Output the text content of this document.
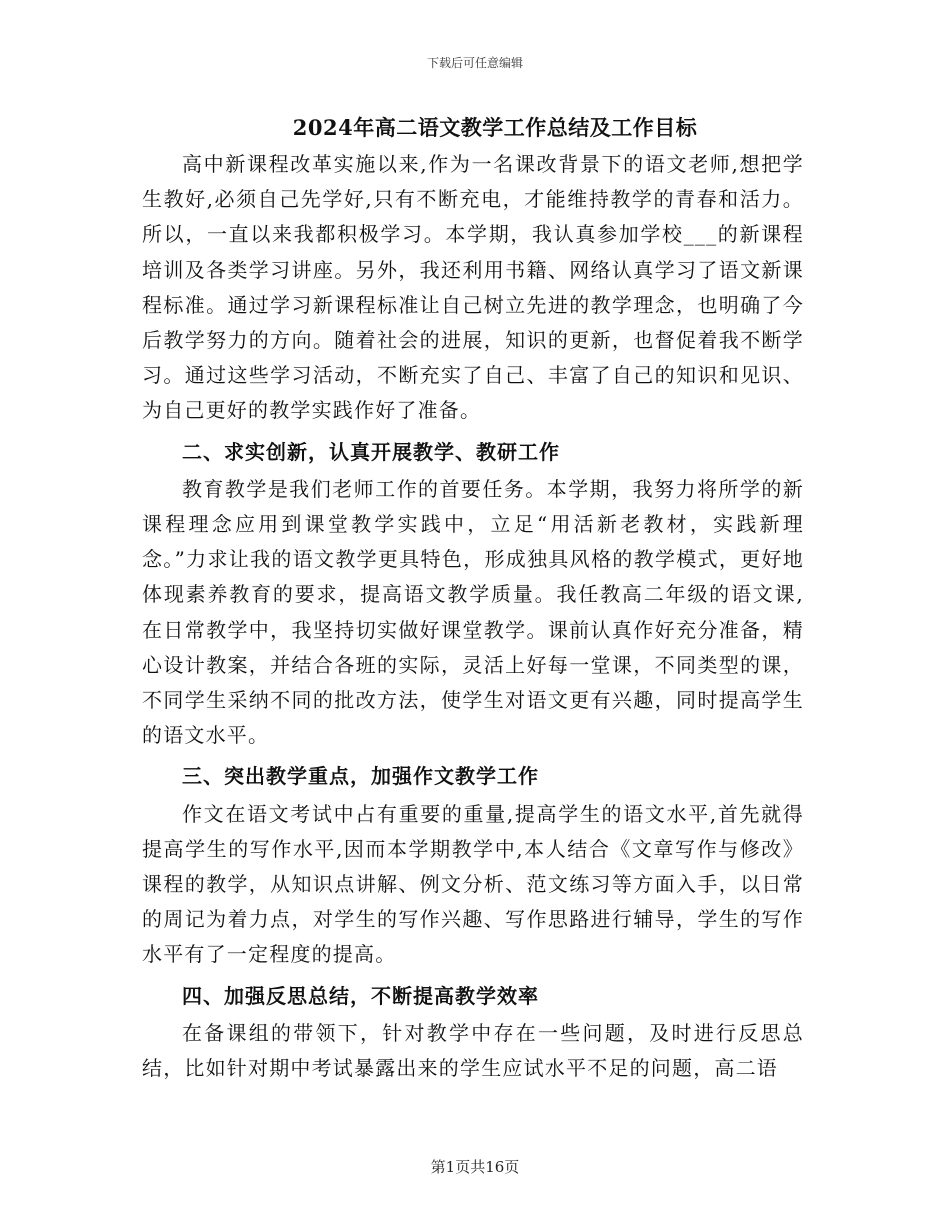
下载后可任意编辑
2024年高二语文教学工作总结及工作目标

高中新课程改革实施以来,作为一名课改背景下的语文老师,想把学生教好,必须自己先学好,只有不断充电，才能维持教学的青春和活力。所以，一直以来我都积极学习。本学期，我认真参加学校___的新课程培训及各类学习讲座。另外，我还利用书籍、网络认真学习了语文新课程标准。通过学习新课程标准让自己树立先进的教学理念，也明确了今后教学努力的方向。随着社会的进展，知识的更新，也督促着我不断学习。通过这些学习活动，不断充实了自己、丰富了自己的知识和见识、为自己更好的教学实践作好了准备。

二、求实创新，认真开展教学、教研工作

教育教学是我们老师工作的首要任务。本学期，我努力将所学的新课程理念应用到课堂教学实践中，立足“用活新老教材，实践新理念。”力求让我的语文教学更具特色，形成独具风格的教学模式，更好地体现素养教育的要求，提高语文教学质量。我任教高二年级的语文课,在日常教学中，我坚持切实做好课堂教学。课前认真作好充分准备，精心设计教案，并结合各班的实际，灵活上好每一堂课，不同类型的课，不同学生采纳不同的批改方法，使学生对语文更有兴趣，同时提高学生的语文水平。

三、突出教学重点，加强作文教学工作

作文在语文考试中占有重要的重量,提高学生的语文水平,首先就得提高学生的写作水平,因而本学期教学中,本人结合《文章写作与修改》课程的教学，从知识点讲解、例文分析、范文练习等方面入手，以日常的周记为着力点，对学生的写作兴趣、写作思路进行辅导，学生的写作水平有了一定程度的提高。

四、加强反思总结，不断提高教学效率

在备课组的带领下，针对教学中存在一些问题，及时进行反思总结，比如针对期中考试暴露出来的学生应试水平不足的问题，高二语

第1页共16页
